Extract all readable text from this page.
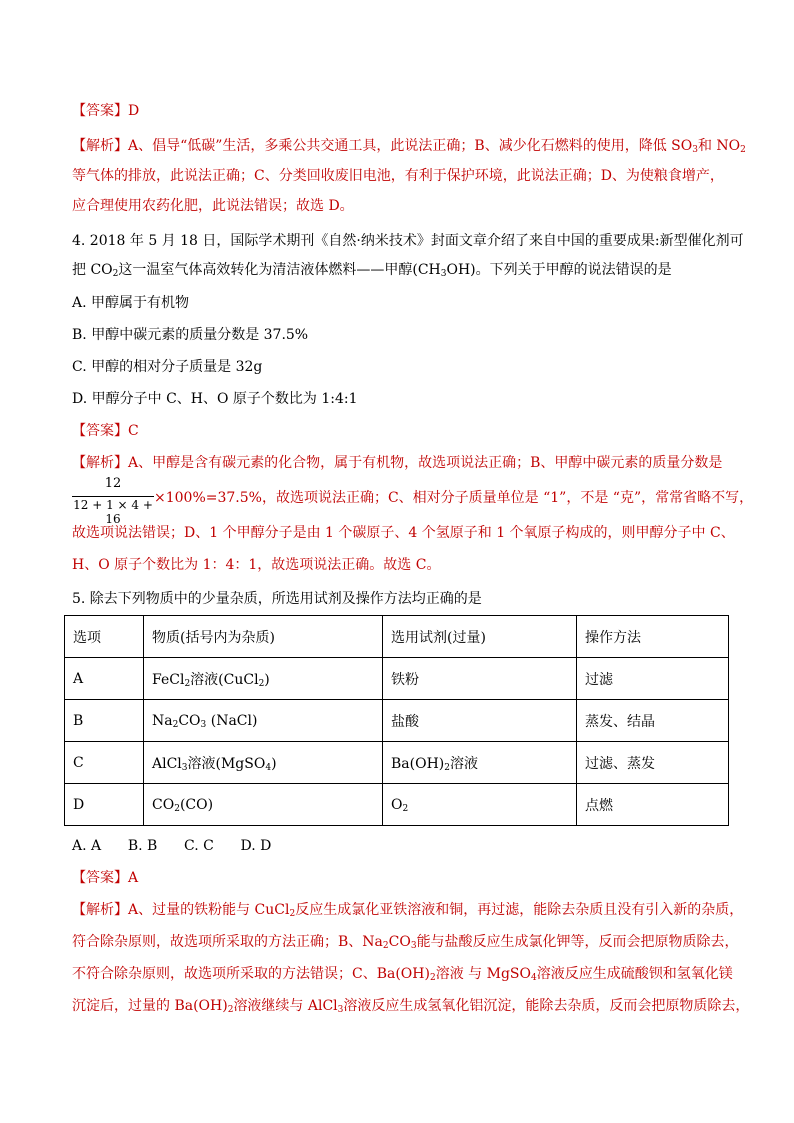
【答案】D
【解析】A、倡导“低碳”生活，多乘公共交通工具，此说法正确；B、减少化石燃料的使用，降低 $SO_3$和 $NO_2$
等气体的排放，此说法正确；C、分类回收废旧电池，有利于保护环境，此说法正确；D、为使粮食增产，
应合理使用农药化肥，此说法错误；故选 D。
4. 2018 年 5 月 18 日，国际学术期刊《自然·纳米技术》封面文章介绍了来自中国的重要成果:新型催化剂可
把 $CO_2$这一温室气体高效转化为清洁液体燃料——甲醇$(CH_3OH)$。下列关于甲醇的说法错误的是
A. 甲醇属于有机物
B. 甲醇中碳元素的质量分数是 37.5%
C. 甲醇的相对分子质量是 32g
D. 甲醇分子中 C、H、O 原子个数比为 1:4:1
【答案】C
【解析】A、甲醇是含有碳元素的化合物，属于有机物，故选项说法正确；B、甲醇中碳元素的质量分数是
12
12 + 1 × 4 + 16
×100%=37.5%，故选项说法正确；C、相对分子质量单位是 “1”，不是 “克”，常常省略不写，
故选项说法错误；D、1 个甲醇分子是由 1 个碳原子、4 个氢原子和 1 个氧原子构成的，则甲醇分子中 C、
H、O 原子个数比为 1：4：1，故选项说法正确。故选 C。
5. 除去下列物质中的少量杂质，所选用试剂及操作方法均正确的是
选项	物质(括号内为杂质)	选用试剂(过量)	操作方法
A	FeCl$_2$溶液(CuCl$_2$)	铁粉	过滤
B	$Na_2CO_3$ (NaCl)	盐酸	蒸发、结晶
C	AlCl$_3$溶液(MgSO$_4$)	$Ba(OH)_2$溶液	过滤、蒸发
D	$CO_2(CO)$	$O_2$	点燃
A. A      B. B      C. C      D. D
【答案】A
【解析】A、过量的铁粉能与 CuCl$_2$反应生成氯化亚铁溶液和铜，再过滤，能除去杂质且没有引入新的杂质，
符合除杂原则，故选项所采取的方法正确；B、$Na_2CO_3$能与盐酸反应生成氯化钾等，反而会把原物质除去，
不符合除杂原则，故选项所采取的方法错误；C、$Ba(OH)_2$溶液 与 MgSO$_4$溶液反应生成硫酸钡和氢氧化镁
沉淀后，过量的 $Ba(OH)_2$溶液继续与 AlCl$_3$溶液反应生成氢氧化铝沉淀，能除去杂质，反而会把原物质除去，
